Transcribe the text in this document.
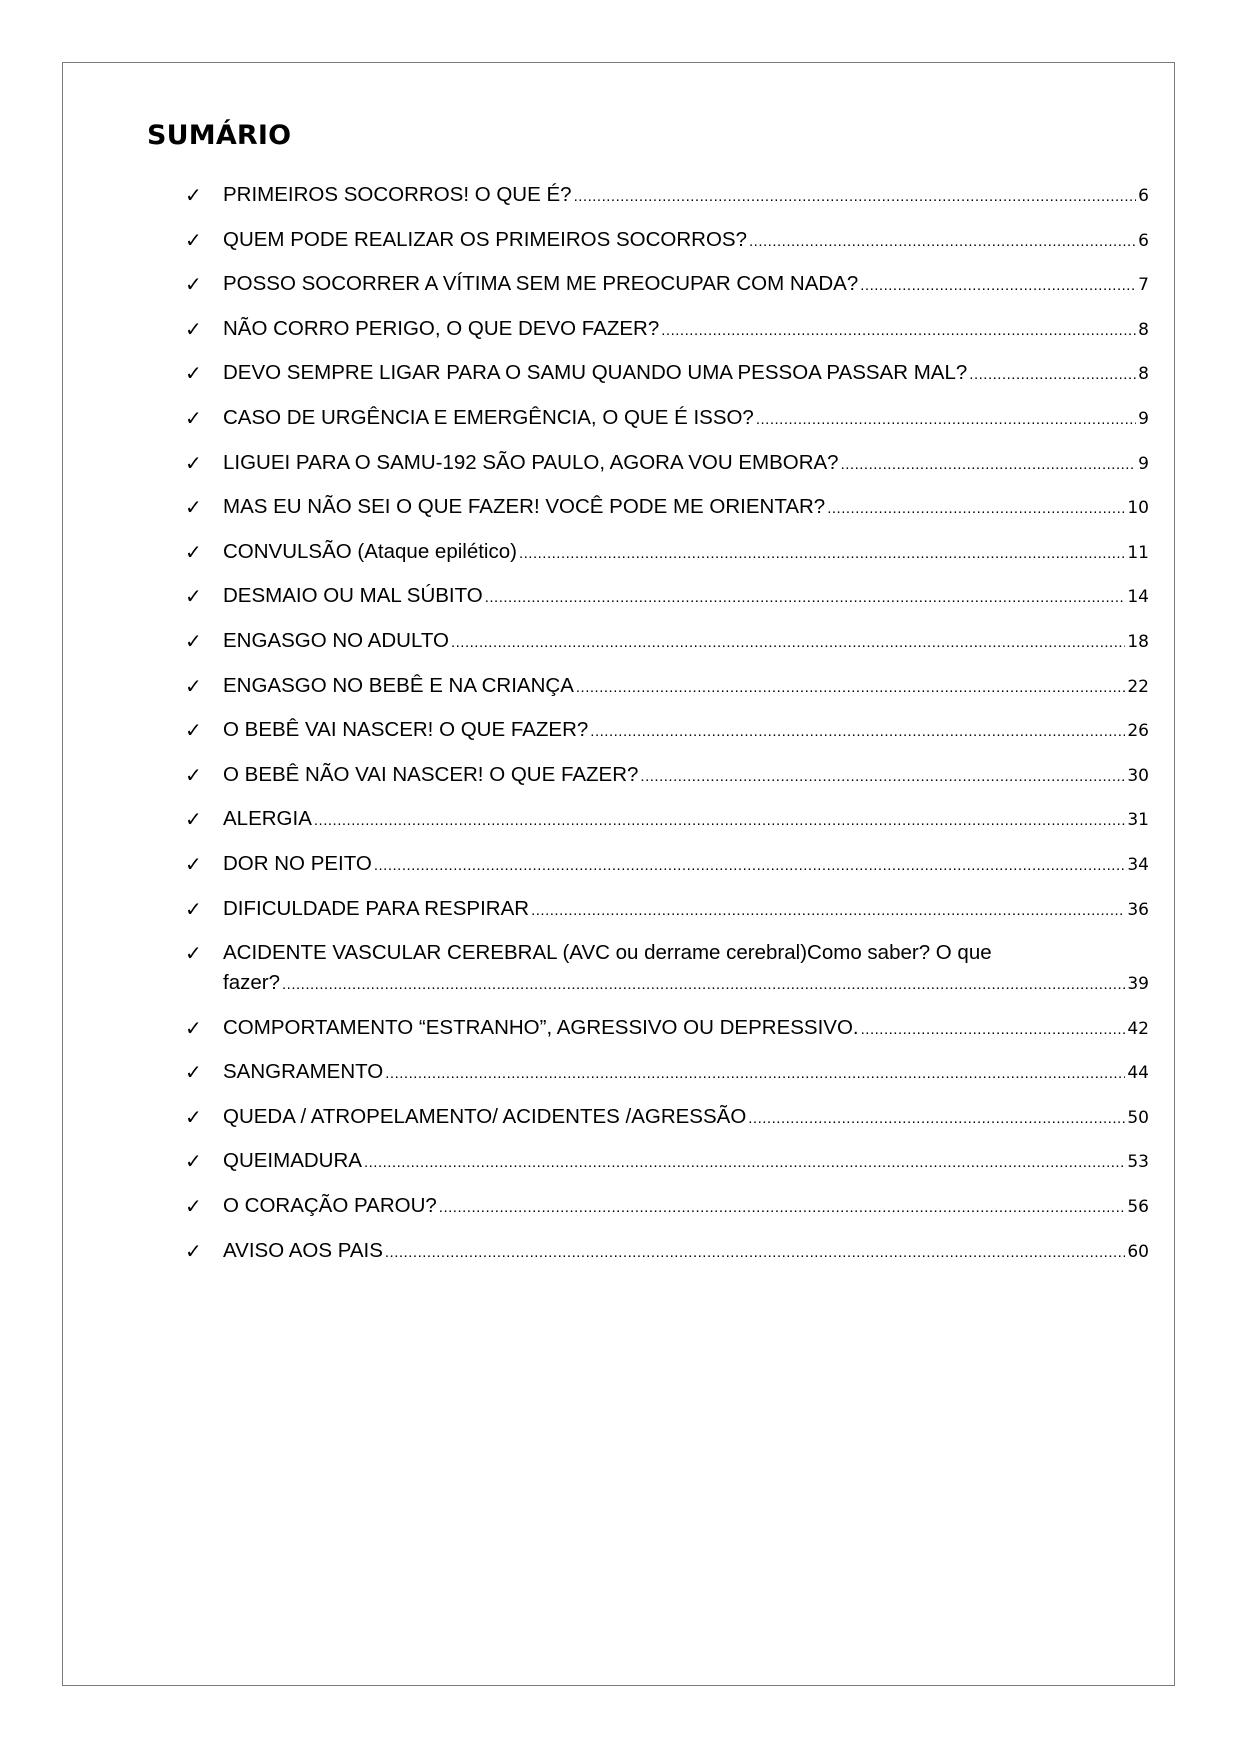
SUMÁRIO
✓ PRIMEIROS SOCORROS! O QUE É? .....	6
✓ QUEM PODE REALIZAR OS PRIMEIROS SOCORROS? .....	6
✓ POSSO SOCORRER A VÍTIMA SEM ME PREOCUPAR COM NADA? .....	7
✓ NÃO CORRO PERIGO, O QUE DEVO FAZER? .....	8
✓ DEVO SEMPRE LIGAR PARA O SAMU QUANDO UMA PESSOA PASSAR MAL? .....	8
✓ CASO DE URGÊNCIA E EMERGÊNCIA, O QUE É ISSO? .....	9
✓ LIGUEI PARA O SAMU-192 SÃO PAULO, AGORA VOU EMBORA? .....	9
✓ MAS EU NÃO SEI O QUE FAZER! VOCÊ PODE ME ORIENTAR? .....	10
✓ CONVULSÃO (Ataque epilético) .....	11
✓ DESMAIO OU MAL SÚBITO .....	14
✓ ENGASGO NO ADULTO .....	18
✓ ENGASGO NO BEBÊ E NA CRIANÇA .....	22
✓ O BEBÊ VAI NASCER! O QUE FAZER? .....	26
✓ O BEBÊ NÃO VAI NASCER! O QUE FAZER? .....	30
✓ ALERGIA .....	31
✓ DOR NO PEITO .....	34
✓ DIFICULDADE PARA RESPIRAR .....	36
✓ ACIDENTE VASCULAR CEREBRAL (AVC ou derrame cerebral)Como saber? O que
fazer? .....	39
✓ COMPORTAMENTO “ESTRANHO”, AGRESSIVO OU DEPRESSIVO. .....	42
✓ SANGRAMENTO .....	44
✓ QUEDA / ATROPELAMENTO/ ACIDENTES /AGRESSÃO .....	50
✓ QUEIMADURA .....	53
✓ O CORAÇÃO PAROU? .....	56
✓ AVISO AOS PAIS .....	60
